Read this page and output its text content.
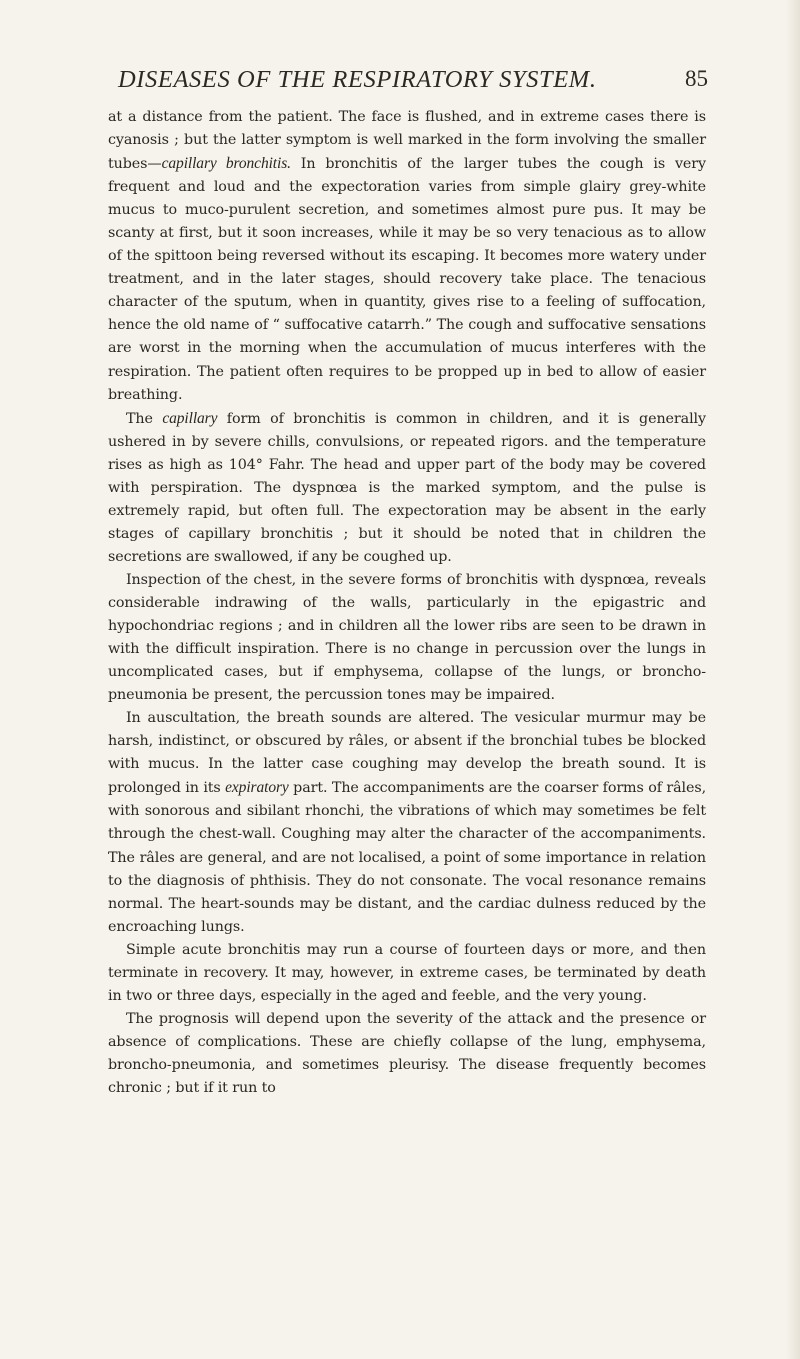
DISEASES OF THE RESPIRATORY SYSTEM.	85

at a distance from the patient. The face is flushed, and in extreme cases there is cyanosis ; but the latter symptom is well marked in the form involving the smaller tubes—capillary bronchitis. In bronchitis of the larger tubes the cough is very frequent and loud and the expectoration varies from simple glairy grey-white mucus to muco-purulent secretion, and sometimes almost pure pus. It may be scanty at first, but it soon increases, while it may be so very tenacious as to allow of the spittoon being reversed without its escaping. It becomes more watery under treatment, and in the later stages, should recovery take place. The tenacious character of the sputum, when in quantity, gives rise to a feeling of suffocation, hence the old name of “ suffocative catarrh.” The cough and suffocative sensations are worst in the morning when the accumulation of mucus interferes with the respiration. The patient often requires to be propped up in bed to allow of easier breathing.

The capillary form of bronchitis is common in children, and it is generally ushered in by severe chills, convulsions, or repeated rigors. and the temperature rises as high as 104° Fahr. The head and upper part of the body may be covered with perspiration. The dyspnœa is the marked symptom, and the pulse is extremely rapid, but often full. The expectoration may be absent in the early stages of capillary bronchitis ; but it should be noted that in children the secretions are swallowed, if any be coughed up.

Inspection of the chest, in the severe forms of bronchitis with dyspnœa, reveals considerable indrawing of the walls, particularly in the epigastric and hypochondriac regions ; and in children all the lower ribs are seen to be drawn in with the difficult inspiration. There is no change in percussion over the lungs in uncomplicated cases, but if emphysema, collapse of the lungs, or broncho-pneumonia be present, the percussion tones may be impaired.

In auscultation, the breath sounds are altered. The vesicular murmur may be harsh, indistinct, or obscured by râles, or absent if the bronchial tubes be blocked with mucus. In the latter case coughing may develop the breath sound. It is prolonged in its expiratory part. The accompaniments are the coarser forms of râles, with sonorous and sibilant rhonchi, the vibrations of which may sometimes be felt through the chest-wall. Coughing may alter the character of the accompaniments. The râles are general, and are not localised, a point of some importance in relation to the diagnosis of phthisis. They do not consonate. The vocal resonance remains normal. The heart-sounds may be distant, and the cardiac dulness reduced by the encroaching lungs.

Simple acute bronchitis may run a course of fourteen days or more, and then terminate in recovery. It may, however, in extreme cases, be terminated by death in two or three days, especially in the aged and feeble, and the very young.

The prognosis will depend upon the severity of the attack and the presence or absence of complications. These are chiefly collapse of the lung, emphysema, broncho-pneumonia, and sometimes pleurisy. The disease frequently becomes chronic ; but if it run to
